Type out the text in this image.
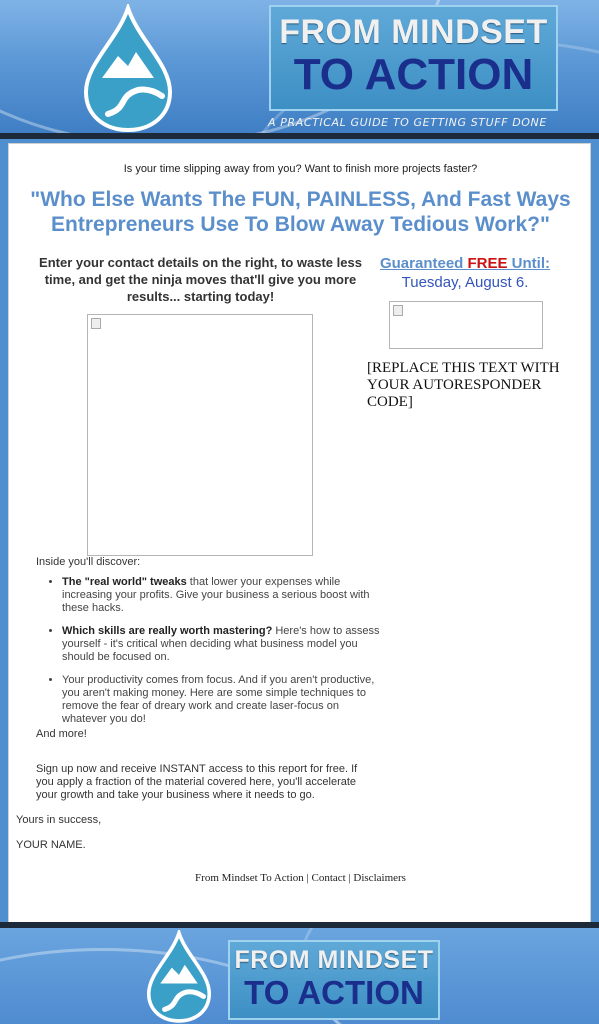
FROM MINDSET
TO ACTION
A PRACTICAL GUIDE TO GETTING STUFF DONE
Is your time slipping away from you? Want to finish more projects faster?
"Who Else Wants The FUN, PAINLESS, And Fast Ways Entrepreneurs Use To Blow Away Tedious Work?"
Enter your contact details on the right, to waste less time, and get the ninja moves that'll give you more results... starting today!
Guaranteed FREE Until:
Tuesday, August 6.
[REPLACE THIS TEXT WITH YOUR AUTORESPONDER CODE]
Inside you'll discover:
• The "real world" tweaks that lower your expenses while increasing your profits. Give your business a serious boost with these hacks.
• Which skills are really worth mastering? Here's how to assess yourself - it's critical when deciding what business model you should be focused on.
• Your productivity comes from focus. And if you aren't productive, you aren't making money. Here are some simple techniques to remove the fear of dreary work and create laser-focus on whatever you do!
And more!
Sign up now and receive INSTANT access to this report for free. If you apply a fraction of the material covered here, you'll accelerate your growth and take your business where it needs to go.
Yours in success,
YOUR NAME.
From Mindset To Action | Contact | Disclaimers
FROM MINDSET
TO ACTION
